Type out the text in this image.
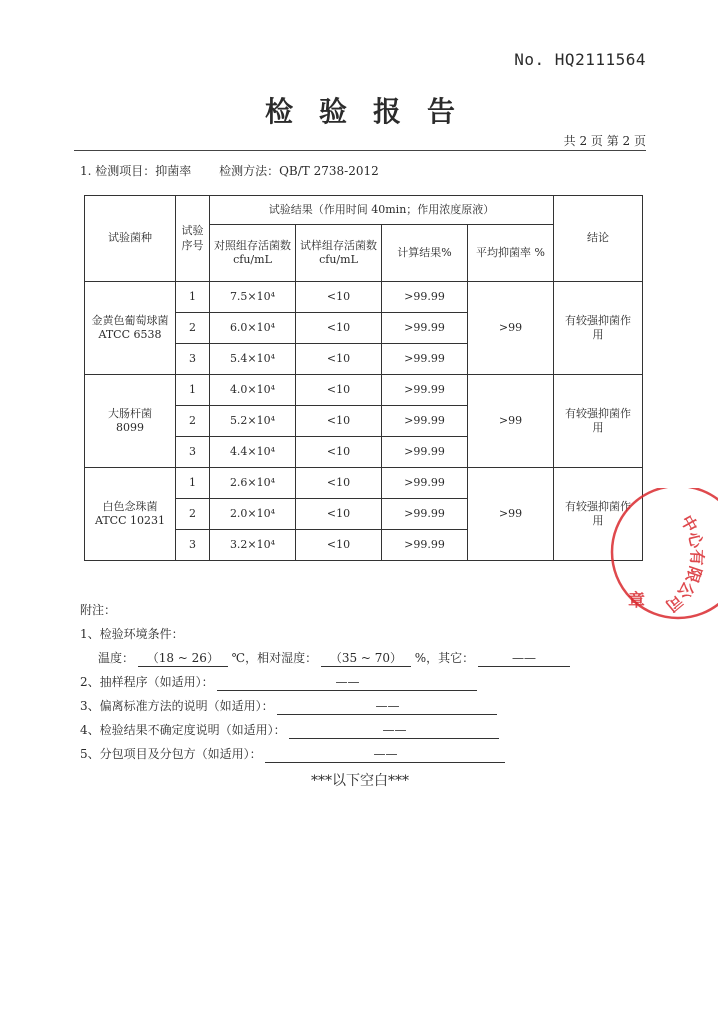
No. HQ2111564
检验报告
共 2 页 第 2 页
1. 检测项目：抑菌率 检测方法：QB/T 2738-2012
试验菌种	试验序号	试验结果（作用时间 40min；作用浓度原液）				结论
		对照组存活菌数 cfu/mL	试样组存活菌数 cfu/mL	计算结果%	平均抑菌率 %	

金黄色葡萄球菌
ATCC 6538	1	7.5×10⁴	<10	>99.99	>99	有较强抑菌作用
	2	6.0×10⁴	<10	>99.99		
	3	5.4×10⁴	<10	>99.99		

大肠杆菌
8099	1	4.0×10⁴	<10	>99.99	>99	有较强抑菌作用
	2	5.2×10⁴	<10	>99.99		
	3	4.4×10⁴	<10	>99.99		

白色念珠菌
ATCC 10231	1	2.6×10⁴	<10	>99.99	>99	有较强抑菌作用
	2	2.0×10⁴	<10	>99.99		
	3	3.2×10⁴	<10	>99.99		
附注：
1、检验环境条件：
温度： （18 ~ 26） ℃，相对湿度： （35 ~ 70） %，其它：	——
2、抽样程序（如适用）：	——
3、偏离标准方法的说明（如适用）：	——
4、检验结果不确定度说明（如适用）：	——
5、分包项目及分包方（如适用）：	——
***以下空白***
中心有限公司
章
